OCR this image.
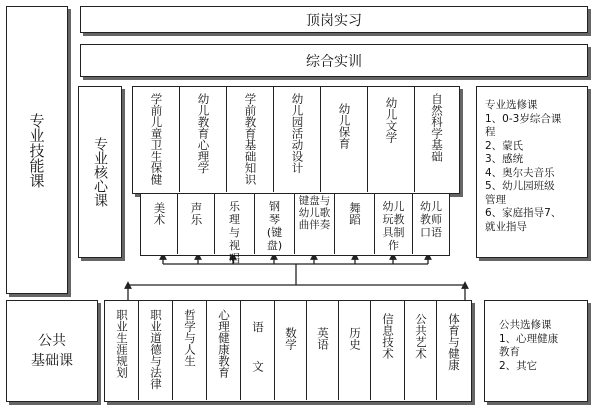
专业技能课
公共
基础课
顶岗实习
综合实训
专业核心课	学前儿童卫生保健	幼儿教育心理学	学前教育基础知识	幼儿园活动设计	幼儿保育	幼儿文学	自然科学基础	专业选修课
1、0-3岁综合课
程
2、蒙氏
3、感统
4、奥尔夫音乐
5、幼儿园班级
管理
6、家庭指导7、
就业指导
美术 声乐	乐理与视唱
钢琴(键盘)
键盘与幼儿歌曲伴奏 舞蹈 幼儿玩教具制作
幼儿教师口语
职业生涯规划 职业道德与法律 哲学与人生 心理健康教育 语  文 数学 英语 历史 信息技术 公共艺术 体育与健康	公共选修课
1、心理健康
教育
2、其它
